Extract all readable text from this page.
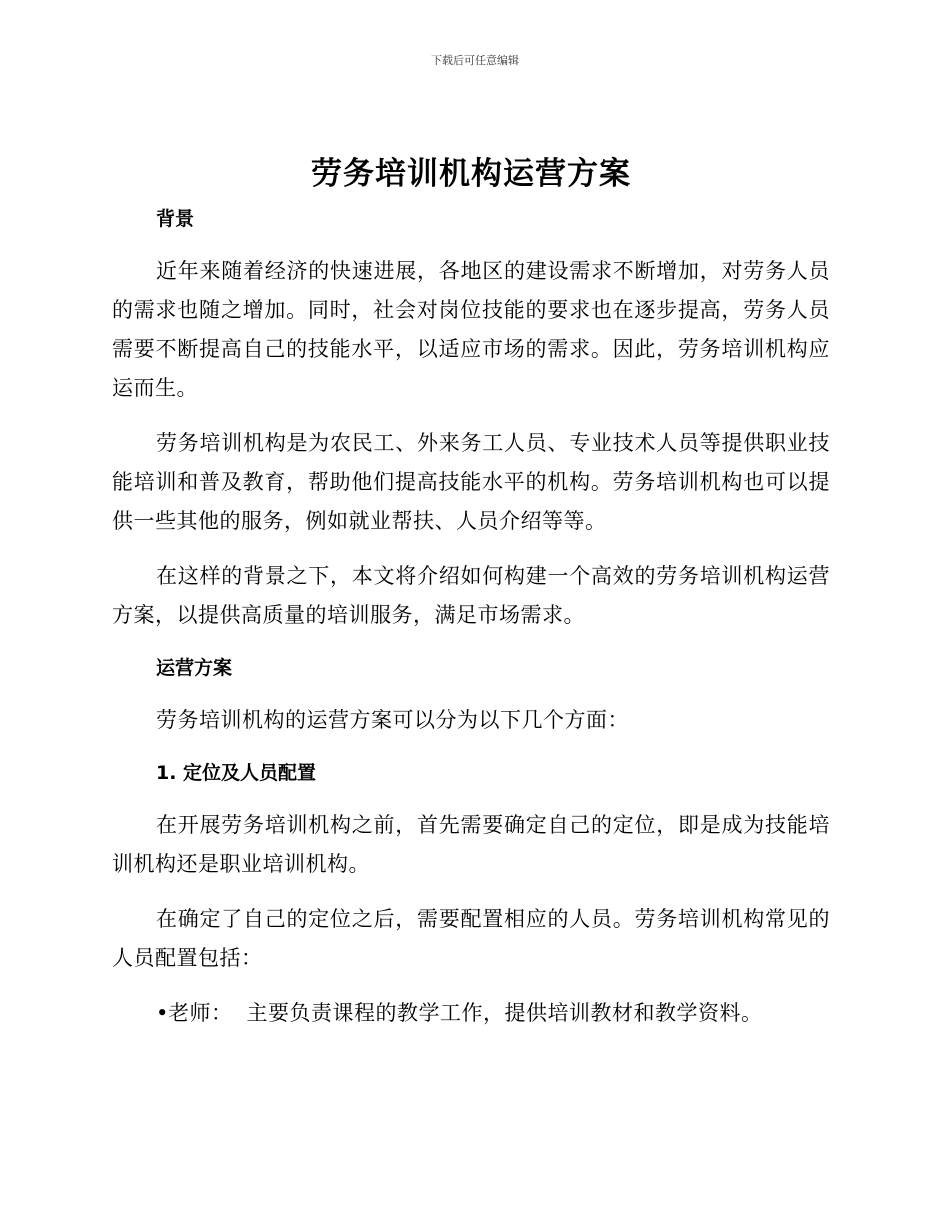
下载后可任意编辑
劳务培训机构运营方案
背景

近年来随着经济的快速进展，各地区的建设需求不断增加，对劳务人员的需求也随之增加。同时，社会对岗位技能的要求也在逐步提高，劳务人员需要不断提高自己的技能水平，以适应市场的需求。因此，劳务培训机构应运而生。

劳务培训机构是为农民工、外来务工人员、专业技术人员等提供职业技能培训和普及教育，帮助他们提高技能水平的机构。劳务培训机构也可以提供一些其他的服务，例如就业帮扶、人员介绍等等。

在这样的背景之下，本文将介绍如何构建一个高效的劳务培训机构运营方案，以提供高质量的培训服务，满足市场需求。

运营方案

劳务培训机构的运营方案可以分为以下几个方面：

1. 定位及人员配置

在开展劳务培训机构之前，首先需要确定自己的定位，即是成为技能培训机构还是职业培训机构。

在确定了自己的定位之后，需要配置相应的人员。劳务培训机构常见的人员配置包括：

•老师： 主要负责课程的教学工作，提供培训教材和教学资料。
